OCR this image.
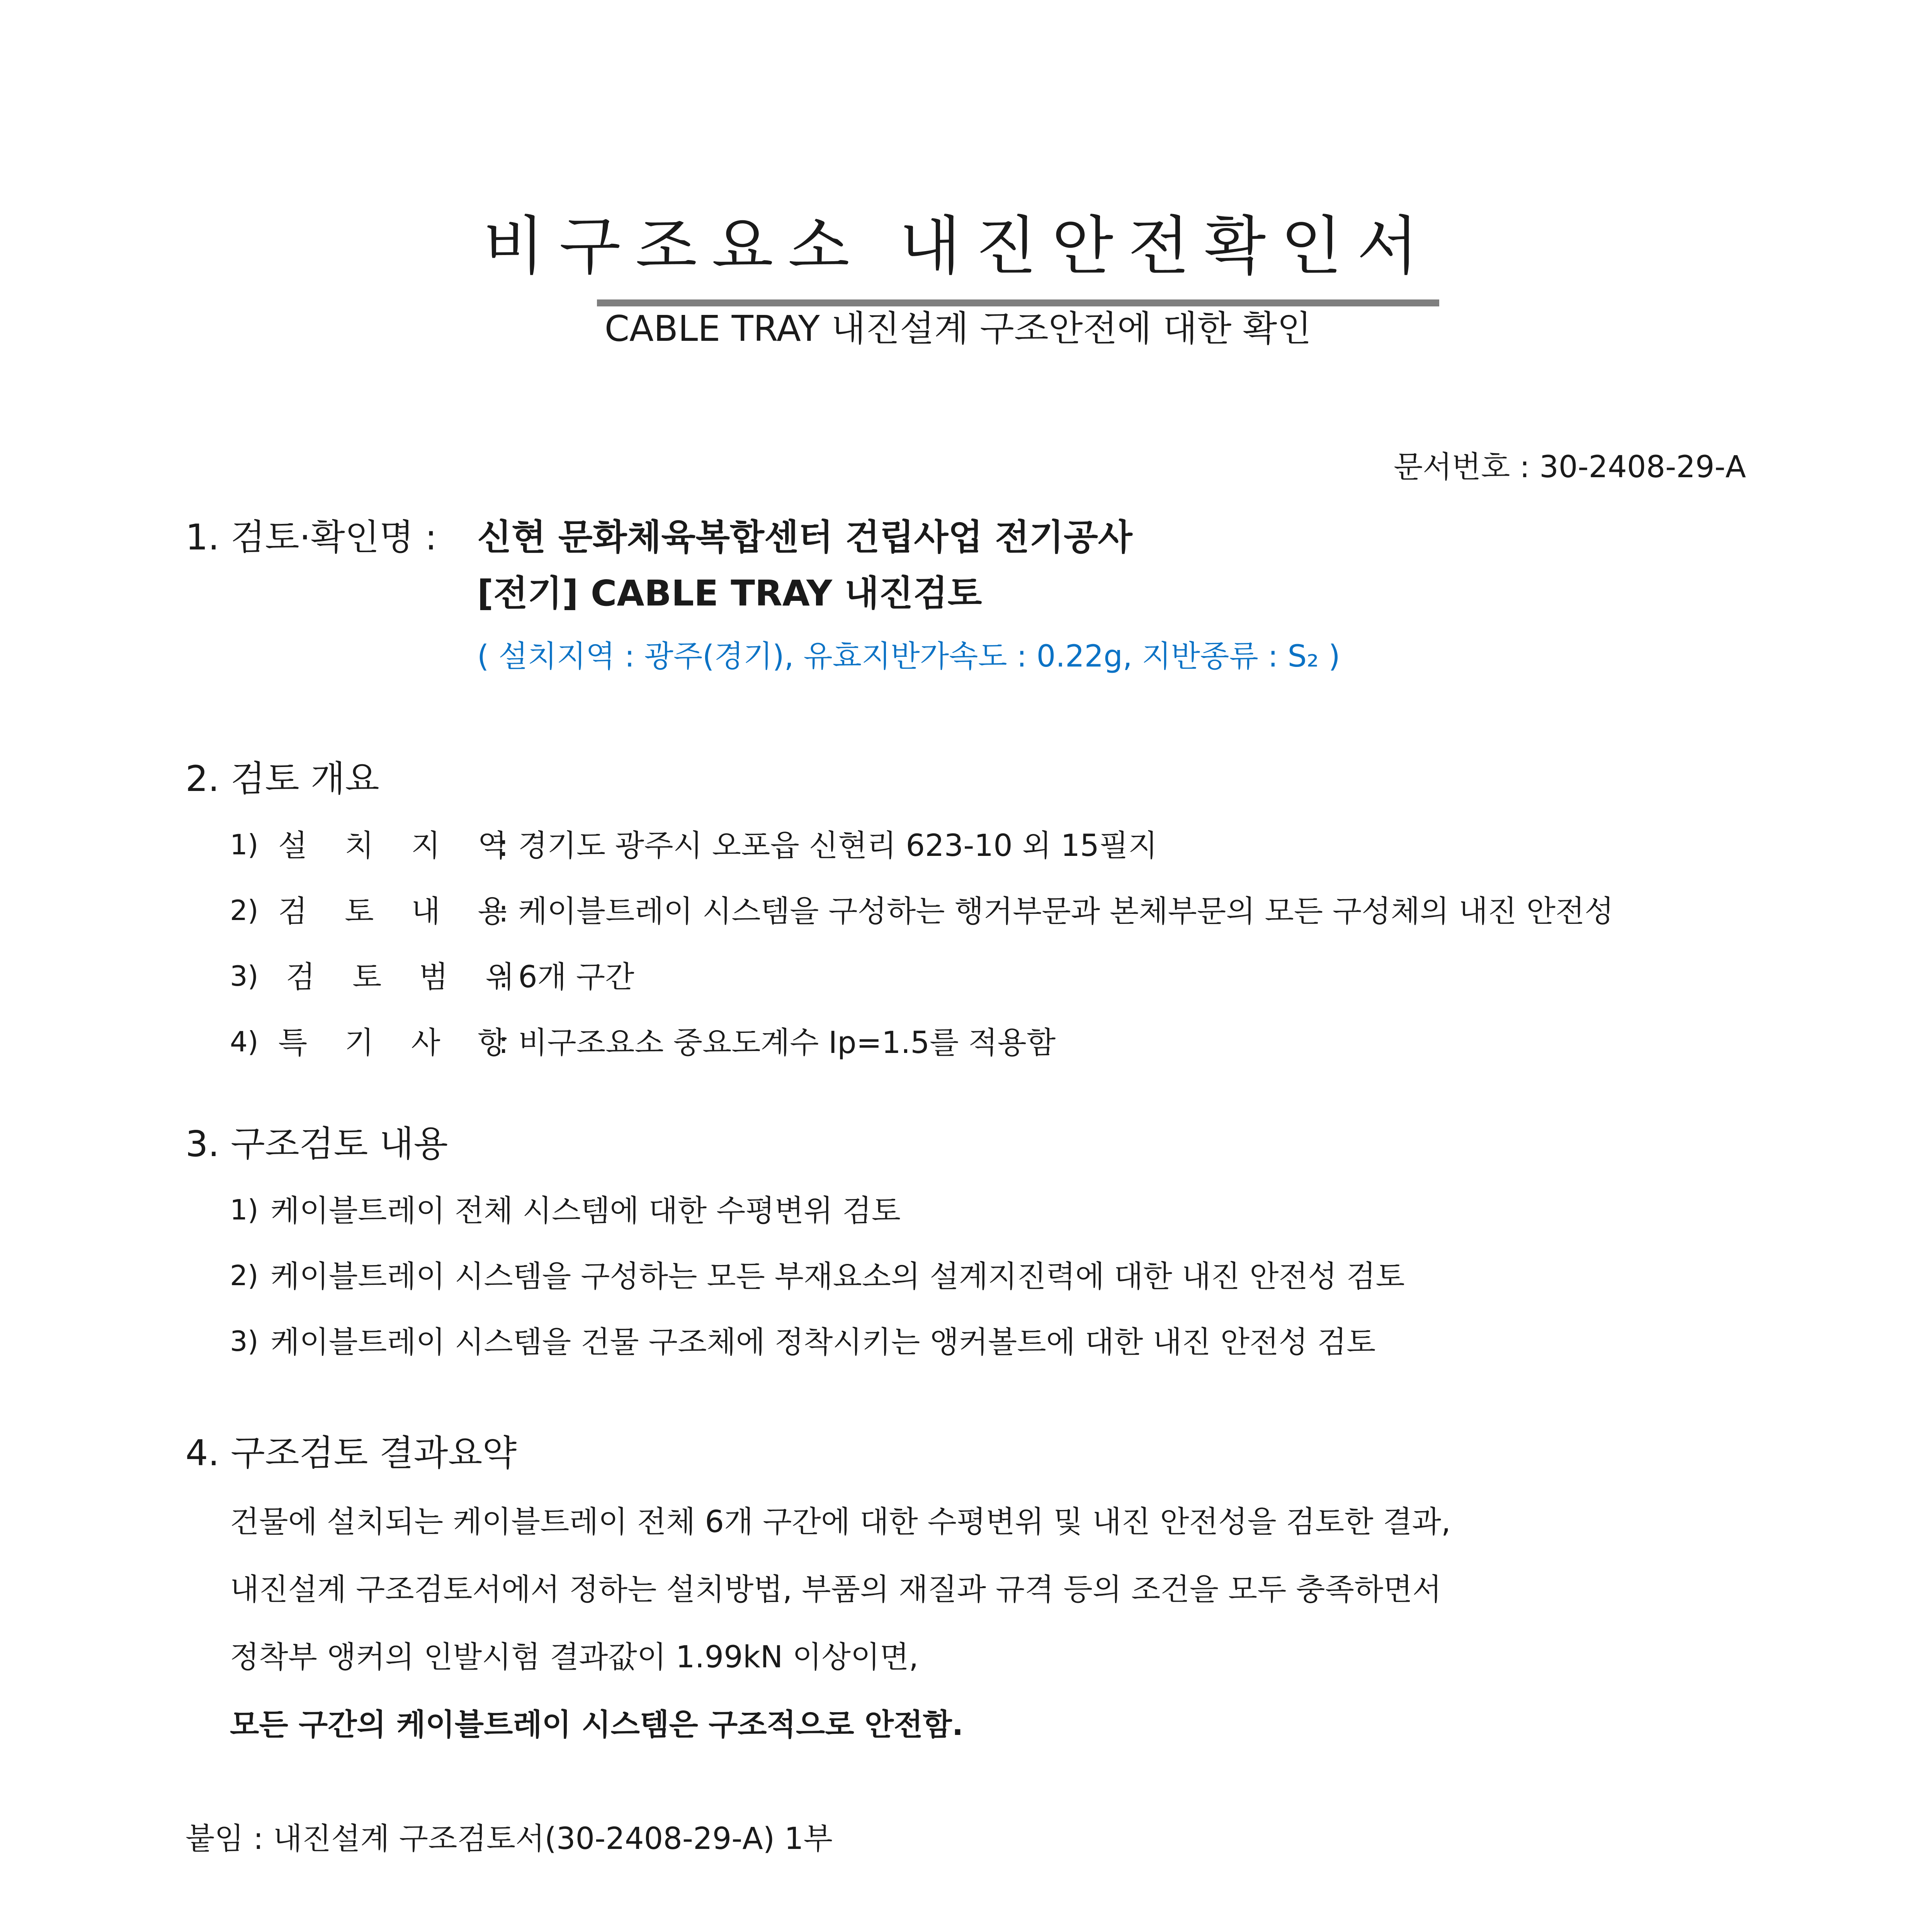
비구조요소 내진안전확인서
CABLE TRAY 내진설계 구조안전에 대한 확인
문서번호 : 30-2408-29-A
1. 검토·확인명 : 신현 문화체육복합센터 건립사업 전기공사
[전기] CABLE TRAY 내진검토
( 설치지역 : 광주(경기), 유효지반가속도 : 0.22g, 지반종류 : S₂ )
2. 검토 개요
1) 설 치 지 역
: 경기도 광주시 오포읍 신현리 623-10 외 15필지
2) 검 토 내 용
: 케이블트레이 시스템을 구성하는 행거부문과 본체부문의 모든 구성체의 내진 안전성
3) 검 토 범 위
: 6개 구간
4) 특 기 사 항
: 비구조요소 중요도계수 Ip=1.5를 적용함
3. 구조검토 내용
1) 케이블트레이 전체 시스템에 대한 수평변위 검토
2) 케이블트레이 시스템을 구성하는 모든 부재요소의 설계지진력에 대한 내진 안전성 검토
3) 케이블트레이 시스템을 건물 구조체에 정착시키는 앵커볼트에 대한 내진 안전성 검토
4. 구조검토 결과요약
건물에 설치되는 케이블트레이 전체 6개 구간에 대한 수평변위 및 내진 안전성을 검토한 결과,
내진설계 구조검토서에서 정하는 설치방법, 부품의 재질과 규격 등의 조건을 모두 충족하면서
정착부 앵커의 인발시험 결과값이 1.99kN 이상이면,
모든 구간의 케이블트레이 시스템은 구조적으로 안전함.
붙임 : 내진설계 구조검토서(30-2408-29-A) 1부
